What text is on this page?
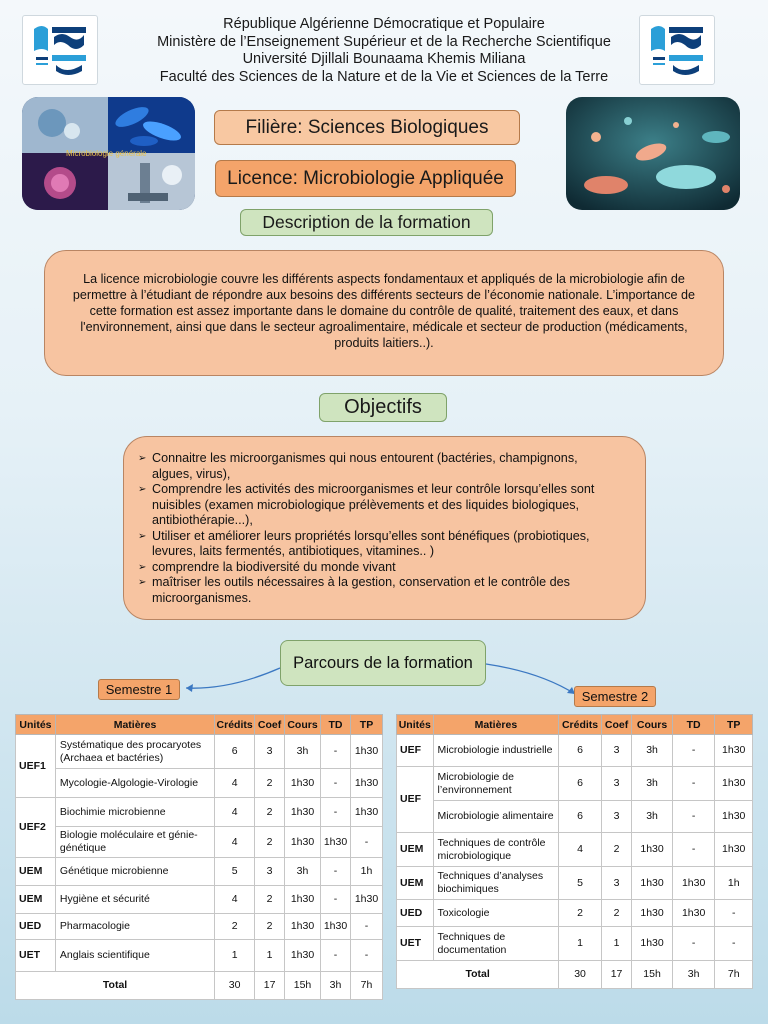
République Algérienne Démocratique et Populaire
Ministère de l’Enseignement Supérieur et de la Recherche Scientifique
Université Djillali Bounaama Khemis Miliana
Faculté des Sciences de la Nature et de la Vie et Sciences de la Terre
Microbiologie générale
Filière: Sciences Biologiques
Licence: Microbiologie Appliquée
Description de la formation

La licence microbiologie couvre les différents aspects fondamentaux et appliqués de la microbiologie afin de permettre à l’étudiant de répondre aux besoins des différents secteurs de l’économie nationale. L’importance de cette formation est assez importante dans le domaine du contrôle de qualité, traitement des eaux, et dans l'environnement, ainsi que dans le secteur agroalimentaire, médicale et secteur de production (médicaments, produits laitiers..).

Objectifs
➢ Connaitre les microorganismes qui nous entourent (bactéries, champignons, algues, virus),
➢ Comprendre les activités des microorganismes et leur contrôle lorsqu’elles sont nuisibles (examen microbiologique prélèvements et des liquides biologiques, antibiothérapie...),
➢ Utiliser et améliorer leurs propriétés lorsqu’elles sont bénéfiques (probiotiques, levures, laits fermentés, antibiotiques, vitamines.. )
➢ comprendre la biodiversité du monde vivant
➢ maîtriser les outils nécessaires à la gestion, conservation et le contrôle des microorganismes.
Parcours de la formation
Semestre 1	Semestre 2
Unités	Matières	Crédits	Coef	Cours	TD	TP
UEF1	Systématique des procaryotes (Archaea et bactéries)	6	3	3h	-	1h30
	Mycologie-Algologie-Virologie	4	2	1h30	-	1h30
UEF2	Biochimie microbienne	4	2	1h30	-	1h30
	Biologie moléculaire et génie-génétique	4	2	1h30	1h30	-
UEM	Génétique microbienne	5	3	3h	-	1h
UEM	Hygiène et sécurité	4	2	1h30	-	1h30
UED	Pharmacologie	2	2	1h30	1h30	-
UET	Anglais scientifique	1	1	1h30	-	-
Total		30	17	15h	3h	7h
Unités	Matières	Crédits	Coef	Cours	TD	TP
UEF	Microbiologie industrielle	6	3	3h	-	1h30
UEF	Microbiologie de l’environnement	6	3	3h	-	1h30
	Microbiologie alimentaire	6	3	3h	-	1h30
UEM	Techniques de contrôle microbiologique	4	2	1h30	-	1h30
UEM	Techniques d’analyses biochimiques	5	3	1h30	1h30	1h
UED	Toxicologie	2	2	1h30	1h30	-
UET	Techniques de documentation	1	1	1h30	-	-
Total		30	17	15h	3h	7h
